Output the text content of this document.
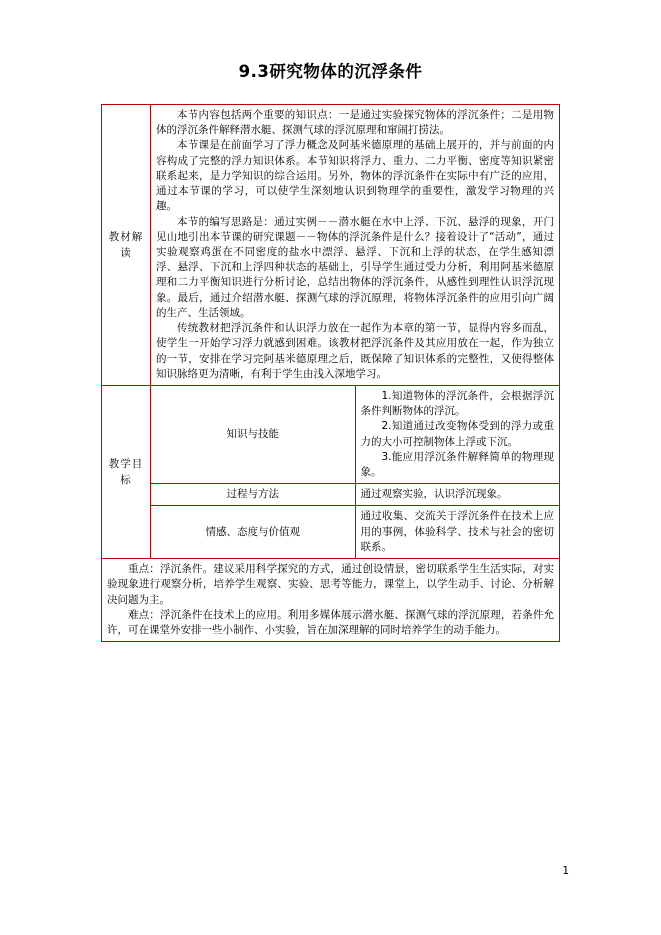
9.3研究物体的沉浮条件
教材解读	本节内容包括两个重要的知识点：一是通过实验探究物体的浮沉条件；二是用物体的浮沉条件解释潜水艇、探测气球的浮沉原理和窜闹打捞法。

本节课是在前面学习了浮力概念及阿基米德原理的基础上展开的，并与前面的内容构成了完整的浮力知识体系。本节知识将浮力、重力、二力平衡、密度等知识紧密联系起来，是力学知识的综合运用。另外，物体的浮沉条件在实际中有广泛的应用，通过本节课的学习，可以使学生深刻地认识到物理学的重要性，激发学习物理的兴趣。

本节的编写思路是：通过实例－－潜水艇在水中上浮、下沉、悬浮的现象，开门见山地引出本节课的研究课题－－物体的浮沉条件是什么？接着设计了“活动”，通过实验观察鸡蛋在不同密度的盐水中漂浮、悬浮、下沉和上浮的状态，在学生感知漂浮、悬浮、下沉和上浮四种状态的基础上，引导学生通过受力分析，利用阿基米德原理和二力平衡知识进行分析讨论，总结出物体的浮沉条件，从感性到理性认识浮沉现象。最后，通过介绍潜水艇、探测气球的浮沉原理，将物体浮沉条件的应用引向广阔的生产、生活领域。

传统教材把浮沉条件和认识浮力放在一起作为本章的第一节，显得内容多而乱，使学生一开始学习浮力就感到困难。该教材把浮沉条件及其应用放在一起，作为独立的一节，安排在学习完阿基米德原理之后，既保障了知识体系的完整性，又使得整体知识脉络更为清晰，有利于学生由浅入深地学习。	

教学目标	知识与技能	1.知道物体的浮沉条件，会根据浮沉条件判断物体的浮沉。

2.知道通过改变物体受到的浮力或重力的大小可控制物体上浮或下沉。

3.能应用浮沉条件解释简单的物理现象。

	过程与方法	通过观察实验，认识浮沉现象。

	情感、态度与价值观	通过收集、交流关于浮沉条件在技术上应用的事例，体验科学、技术与社会的密切联系。

重点：浮沉条件。建议采用科学探究的方式，通过创设情景，密切联系学生生活实际，对实验现象进行观察分析，培养学生观察、实验、思考等能力，课堂上，以学生动手、讨论、分析解决问题为主。

难点：浮沉条件在技术上的应用。利用多媒体展示潜水艇、探测气球的浮沉原理，若条件允许，可在课堂外安排一些小制作、小实验，旨在加深理解的同时培养学生的动手能力。		

1
